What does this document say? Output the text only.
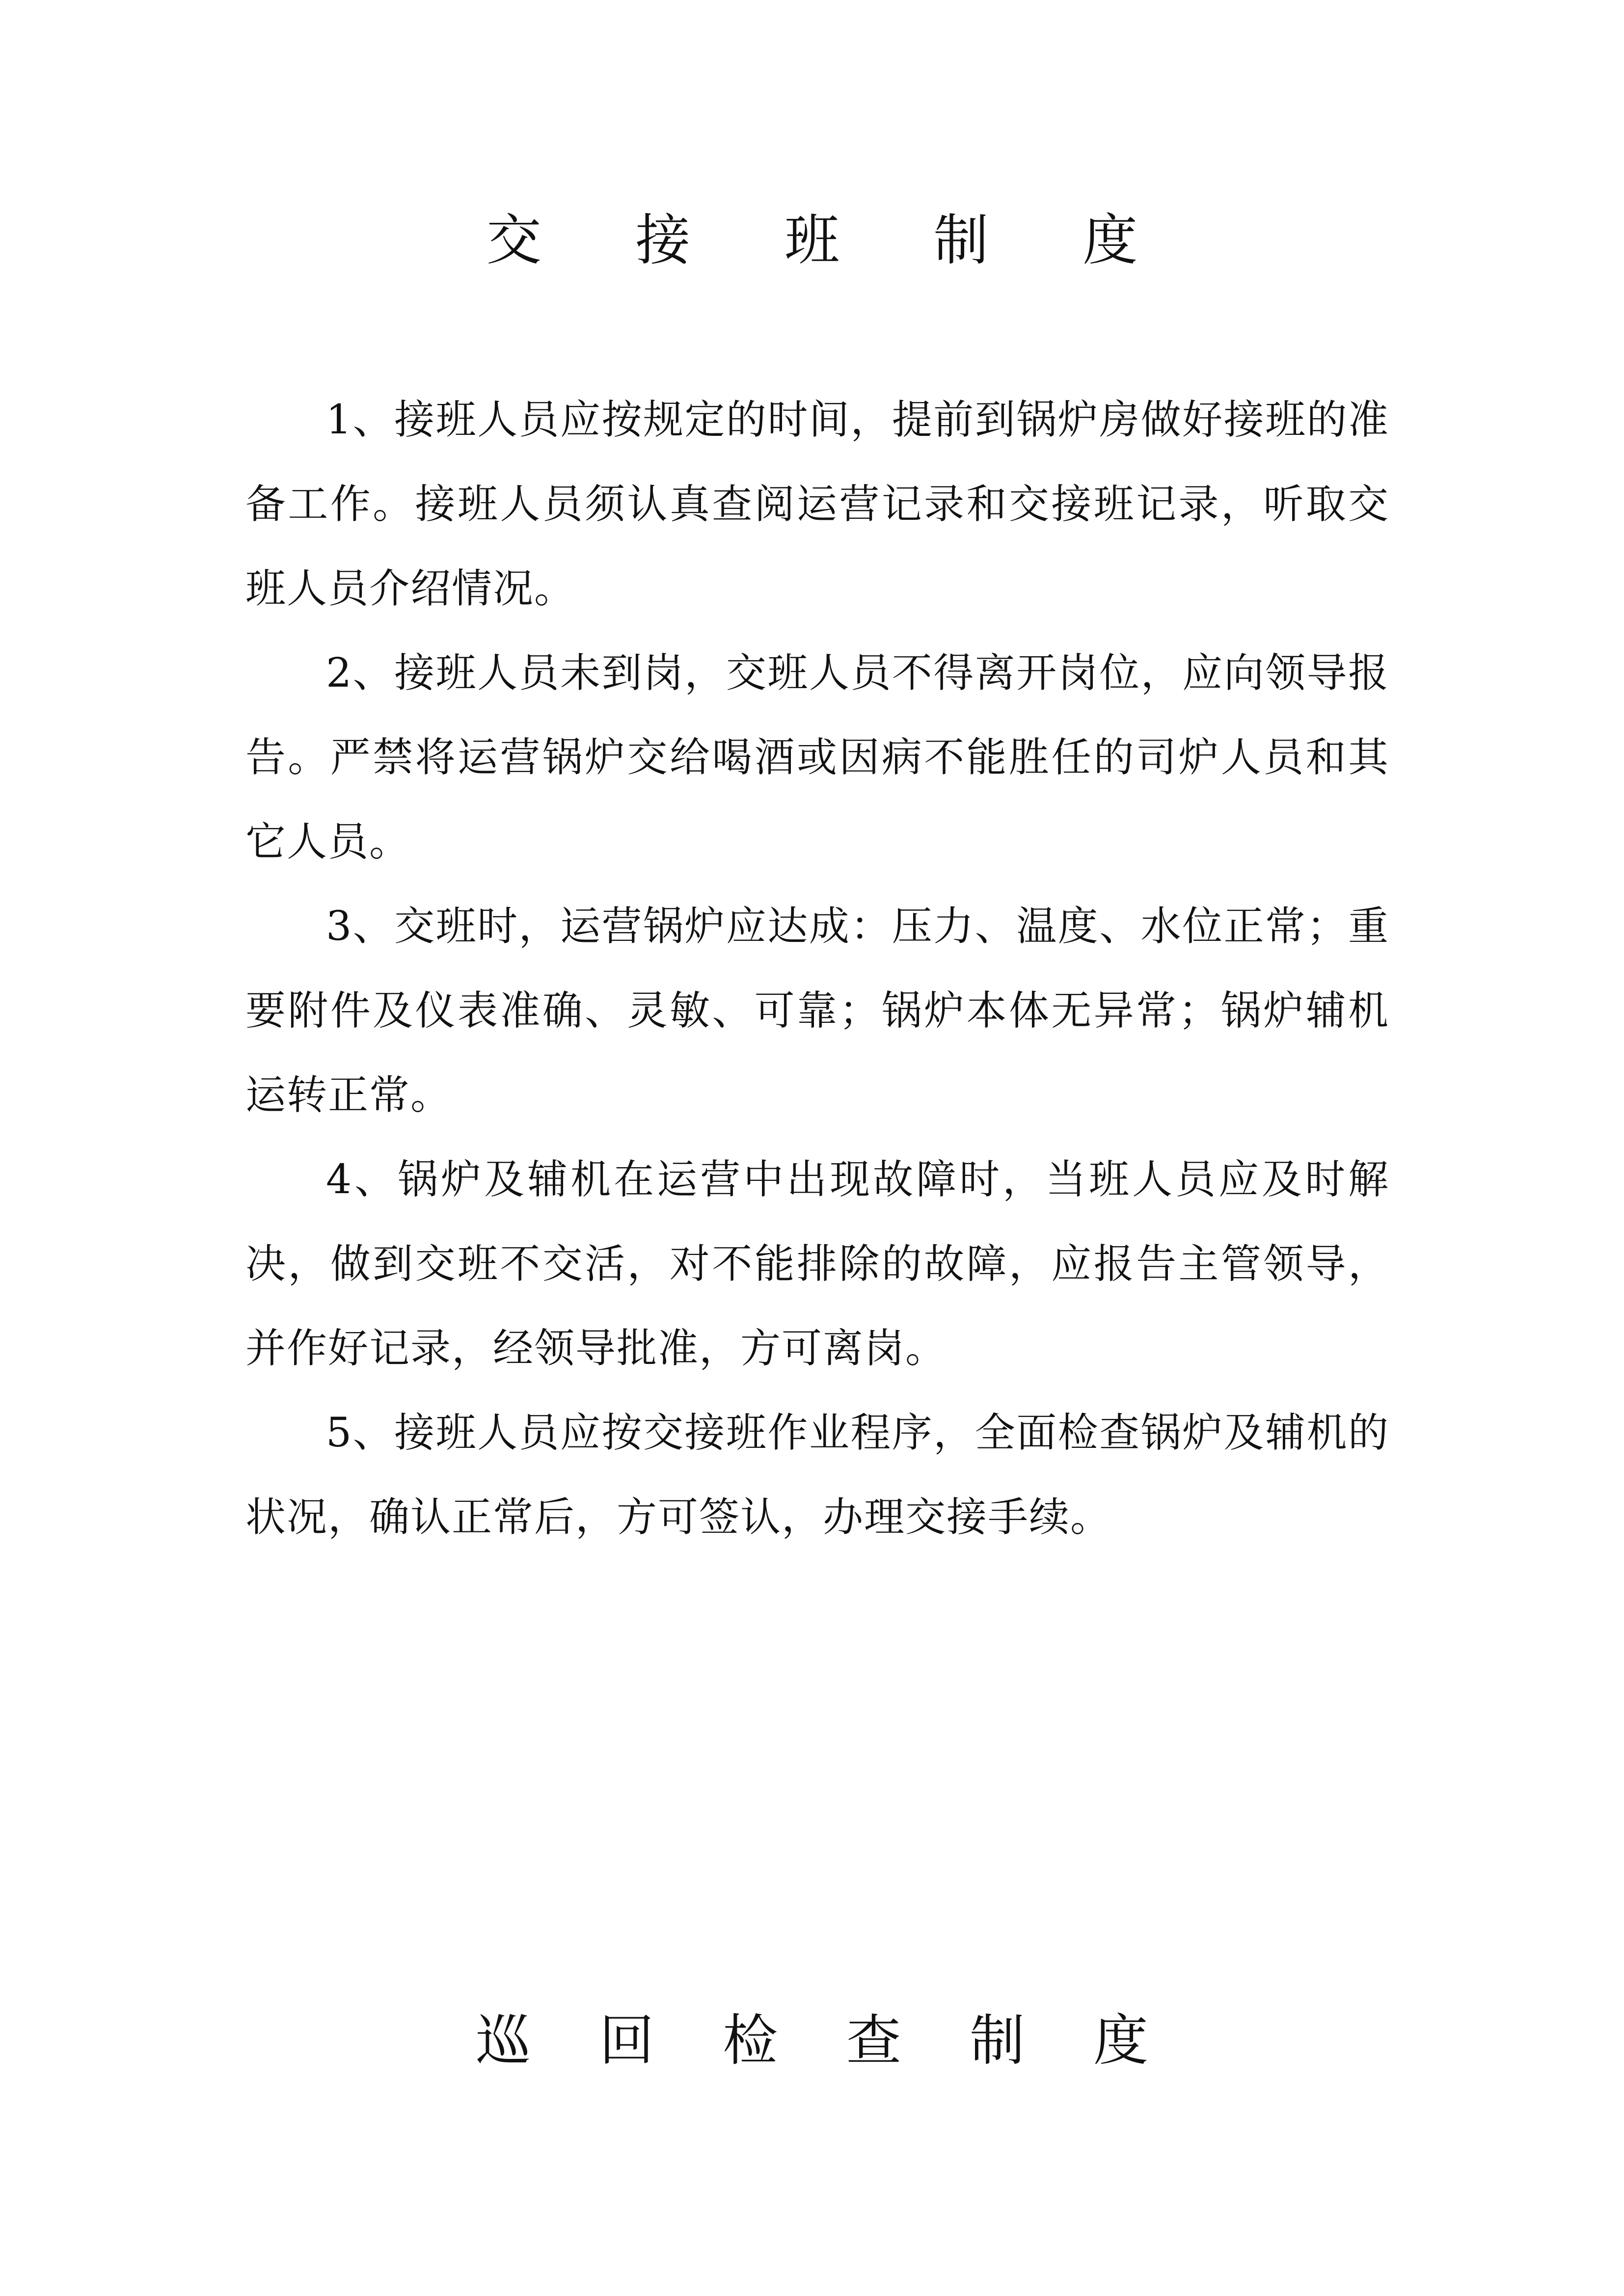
交 接 班 制 度

1、接班人员应按规定的时间，提前到锅炉房做好接班的准备工作。接班人员须认真查阅运营记录和交接班记录，听取交班人员介绍情况。

2、接班人员未到岗，交班人员不得离开岗位，应向领导报告。严禁将运营锅炉交给喝酒或因病不能胜任的司炉人员和其它人员。

3、交班时，运营锅炉应达成：压力、温度、水位正常；重要附件及仪表准确、灵敏、可靠；锅炉本体无异常；锅炉辅机运转正常。

4、锅炉及辅机在运营中出现故障时，当班人员应及时解决，做到交班不交活，对不能排除的故障，应报告主管领导，并作好记录，经领导批准，方可离岗。

5、接班人员应按交接班作业程序，全面检查锅炉及辅机的状况，确认正常后，方可签认，办理交接手续。

巡 回 检 查 制 度
